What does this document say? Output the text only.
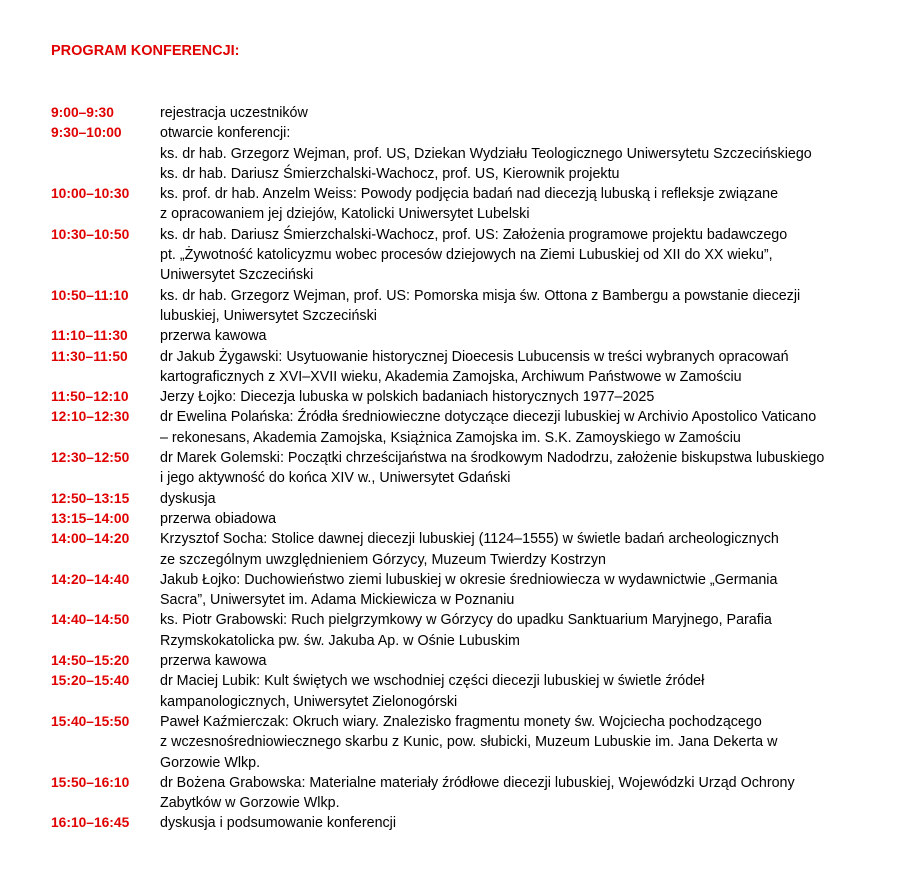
PROGRAM KONFERENCJI:
9:00–9:30	rejestracja uczestników
9:30–10:00	otwarcie konferencji:
ks. dr hab. Grzegorz Wejman, prof. US, Dziekan Wydziału Teologicznego Uniwersytetu Szczecińskiego
ks. dr hab. Dariusz Śmierzchalski-Wachocz, prof. US, Kierownik projektu
10:00–10:30	ks. prof. dr hab. Anzelm Weiss: Powody podjęcia badań nad diecezją lubuską i refleksje związane
z opracowaniem jej dziejów, Katolicki Uniwersytet Lubelski
10:30–10:50	ks. dr hab. Dariusz Śmierzchalski-Wachocz, prof. US: Założenia programowe projektu badawczego
pt. „Żywotność katolicyzmu wobec procesów dziejowych na Ziemi Lubuskiej od XII do XX wieku”,
Uniwersytet Szczeciński
10:50–11:10	ks. dr hab. Grzegorz Wejman, prof. US: Pomorska misja św. Ottona z Bambergu a powstanie diecezji
lubuskiej, Uniwersytet Szczeciński
11:10–11:30	przerwa kawowa
11:30–11:50	dr Jakub Żygawski: Usytuowanie historycznej Dioecesis Lubucensis w treści wybranych opracowań
kartograficznych z XVI–XVII wieku, Akademia Zamojska, Archiwum Państwowe w Zamościu
11:50–12:10	Jerzy Łojko: Diecezja lubuska w polskich badaniach historycznych 1977–2025
12:10–12:30	dr Ewelina Polańska: Źródła średniowieczne dotyczące diecezji lubuskiej w Archivio Apostolico Vaticano
– rekonesans, Akademia Zamojska, Książnica Zamojska im. S.K. Zamoyskiego w Zamościu
12:30–12:50	dr Marek Golemski: Początki chrześcijaństwa na środkowym Nadodrzu, założenie biskupstwa lubuskiego
i jego aktywność do końca XIV w., Uniwersytet Gdański
12:50–13:15	dyskusja
13:15–14:00	przerwa obiadowa
14:00–14:20	Krzysztof Socha: Stolice dawnej diecezji lubuskiej (1124–1555) w świetle badań archeologicznych
ze szczególnym uwzględnieniem Górzycy, Muzeum Twierdzy Kostrzyn
14:20–14:40	Jakub Łojko: Duchowieństwo ziemi lubuskiej w okresie średniowiecza w wydawnictwie „Germania
Sacra”, Uniwersytet im. Adama Mickiewicza w Poznaniu
14:40–14:50	ks. Piotr Grabowski: Ruch pielgrzymkowy w Górzycy do upadku Sanktuarium Maryjnego, Parafia
Rzymskokatolicka pw. św. Jakuba Ap. w Ośnie Lubuskim
14:50–15:20	przerwa kawowa
15:20–15:40	dr Maciej Lubik: Kult świętych we wschodniej części diecezji lubuskiej w świetle źródeł
kampanologicznych, Uniwersytet Zielonogórski
15:40–15:50	Paweł Kaźmierczak: Okruch wiary. Znalezisko fragmentu monety św. Wojciecha pochodzącego
z wczesnośredniowiecznego skarbu z Kunic, pow. słubicki, Muzeum Lubuskie im. Jana Dekerta w
Gorzowie Wlkp.
15:50–16:10	dr Bożena Grabowska: Materialne materiały źródłowe diecezji lubuskiej, Wojewódzki Urząd Ochrony
Zabytków w Gorzowie Wlkp.
16:10–16:45	dyskusja i podsumowanie konferencji
